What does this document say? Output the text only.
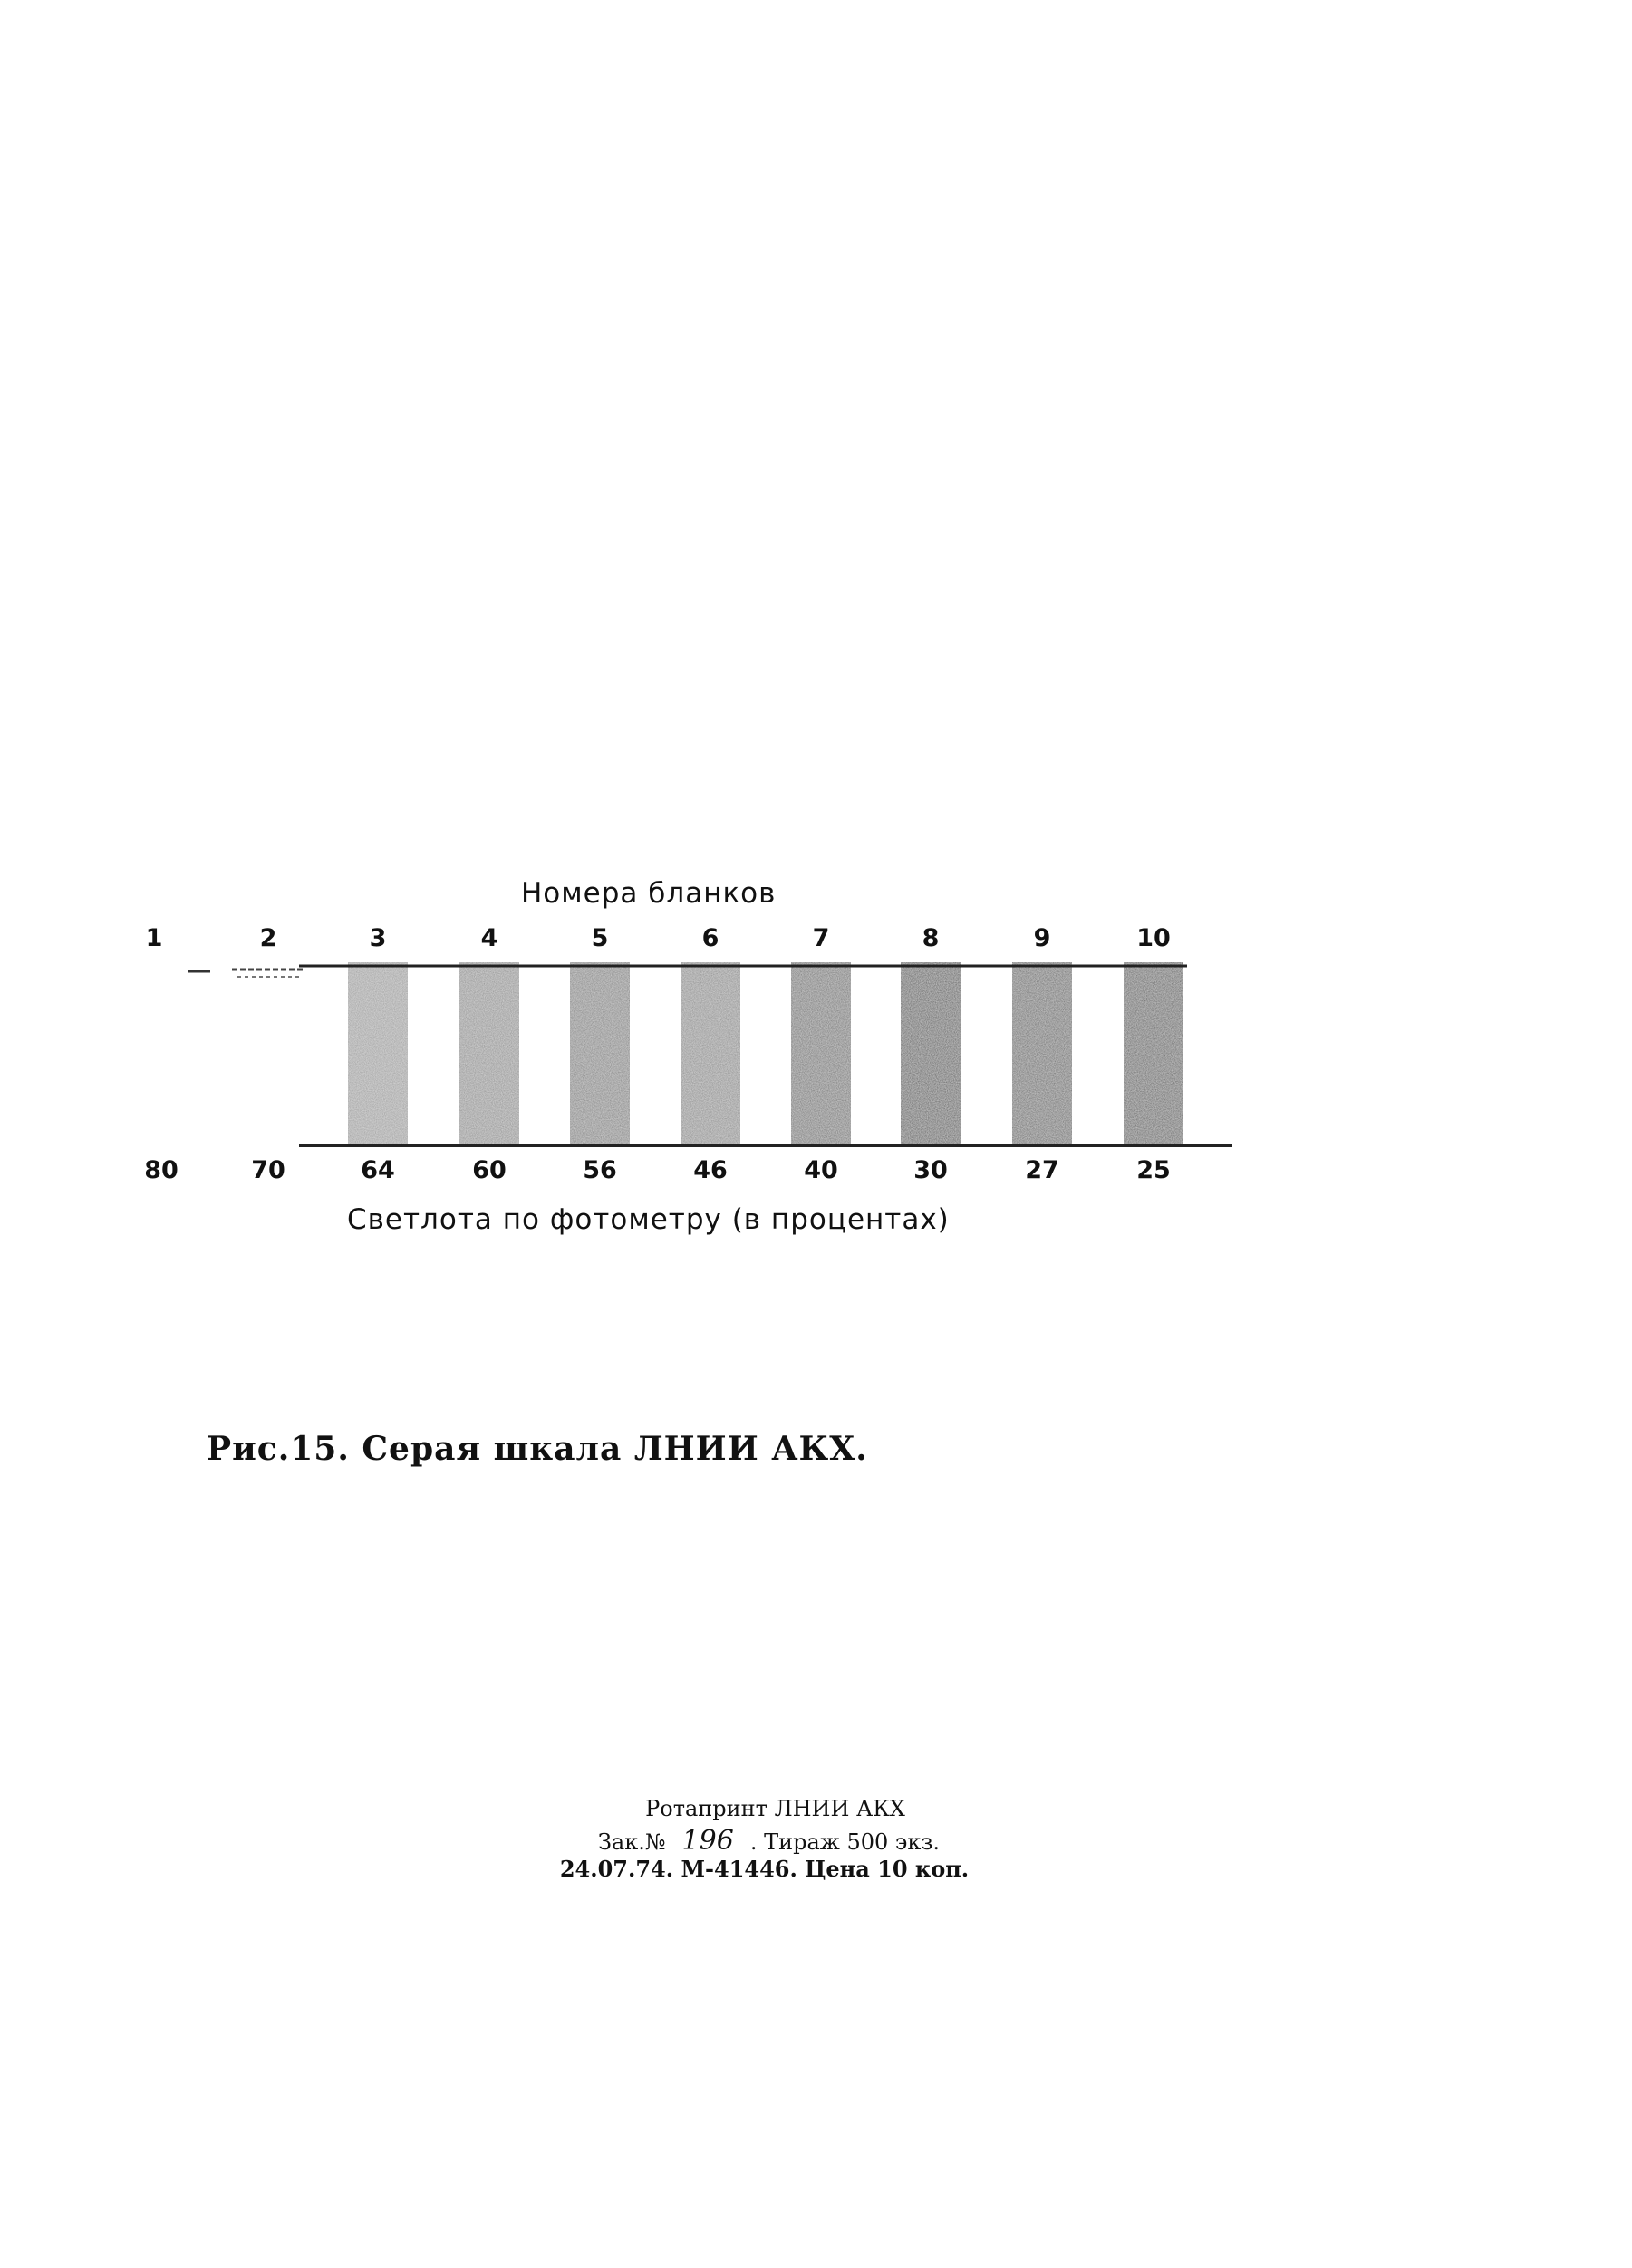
Номера бланков
1	2	3	4	5	6	7	8	9	10
80	70	64	60	56	46	40	30	27	25
Светлота по фотометру (в процентах)
Рис.15. Серая шкала ЛНИИ АКХ.
Ротапринт ЛНИИ АКХ
Зак.№ 196 . Тираж 500 экз.
24.07.74. М-41446. Цена 10 коп.
